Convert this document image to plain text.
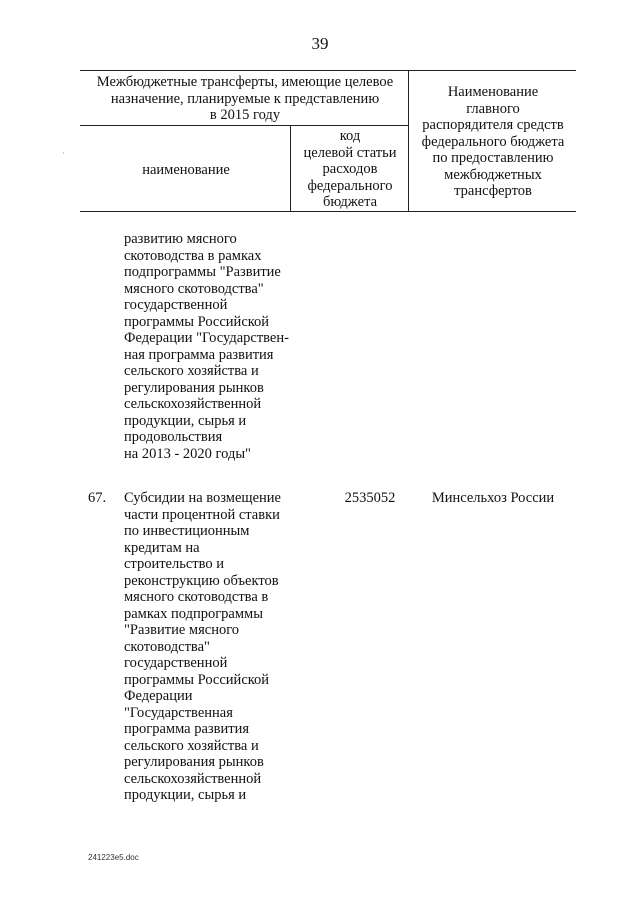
39
·
Межбюджетные трансферты, имеющие целевое
назначение, планируемые к представлению
в 2015 году
наименование
код
целевой статьи
расходов
федерального
бюджета
Наименование
главного
распорядителя средств
федерального бюджета
по предоставлению
межбюджетных
трансфертов
развитию мясного
скотоводства в рамках
подпрограммы "Развитие
мясного скотоводства"
государственной
программы Российской
Федерации "Государствен-
ная программа развития
сельского хозяйства и
регулирования рынков
сельскохозяйственной
продукции, сырья и
продовольствия
на 2013 - 2020 годы"
67. Субсидии на возмещение
части процентной ставки
по инвестиционным
кредитам на
строительство и
реконструкцию объектов
мясного скотоводства в
рамках подпрограммы
"Развитие мясного
скотоводства"
государственной
программы Российской
Федерации
"Государственная
программа развития
сельского хозяйства и
регулирования рынков
сельскохозяйственной
продукции, сырья и
2535052	Минсельхоз России
241223e5.doc
